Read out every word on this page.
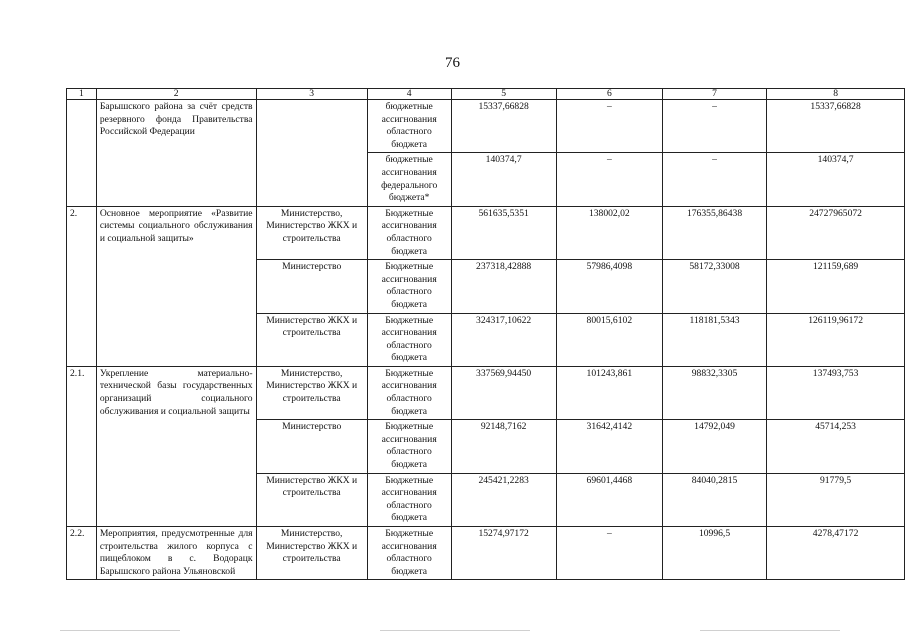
76
1	2	3	4	5	6	7	8
	Барышского района за счёт средств резервного фонда Правительства Российской Федерации		бюджетные ассигнования областного бюджета	15337,66828	–	–	15337,66828
			бюджетные ассигнования федерального бюджета*	140374,7	–	–	140374,7
2.	Основное мероприятие «Развитие системы социального обслуживания и социальной защиты»	Министерство, Министерство ЖКХ и строительства	Бюджетные ассигнования областного бюджета	561635,5351	138002,02	176355,86438	24727965072
		Министерство	Бюджетные ассигнования областного бюджета	237318,42888	57986,4098	58172,33008	121159,689
		Министерство ЖКХ и строительства	Бюджетные ассигнования областного бюджета	324317,10622	80015,6102	118181,5343	126119,96172
2.1.	Укрепление материально-технической базы государственных организаций социального обслуживания и социальной защиты	Министерство, Министерство ЖКХ и строительства	Бюджетные ассигнования областного бюджета	337569,94450	101243,861	98832,3305	137493,753
		Министерство	Бюджетные ассигнования областного бюджета	92148,7162	31642,4142	14792,049	45714,253
		Министерство ЖКХ и строительства	Бюджетные ассигнования областного бюджета	245421,2283	69601,4468	84040,2815	91779,5
2.2.	Мероприятия, предусмотренные для строительства жилого корпуса с пищеблоком в с. Водорацк Барышского района Ульяновской	Министерство, Министерство ЖКХ и строительства	Бюджетные ассигнования областного бюджета	15274,97172	–	10996,5	4278,47172
